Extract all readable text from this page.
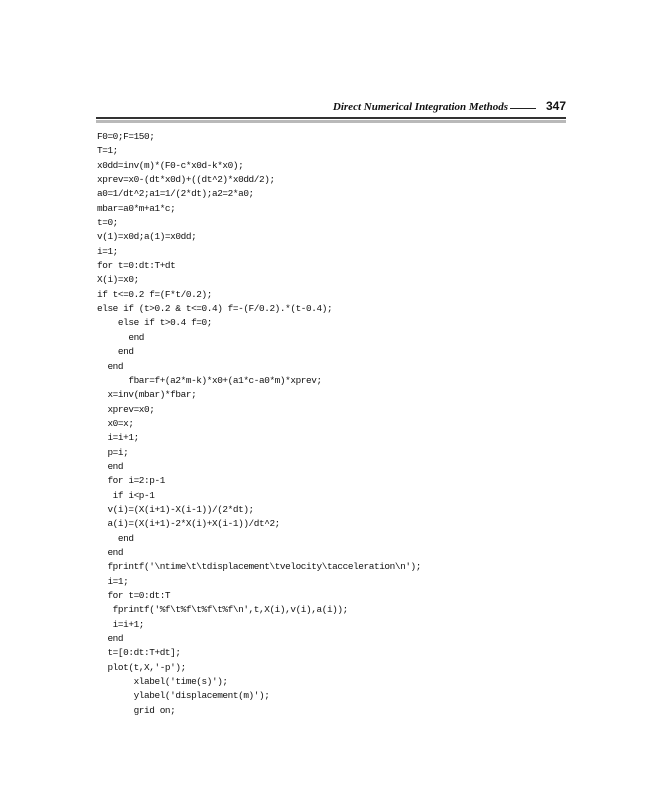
Direct Numerical Integration Methods	347
F0=0;F=150;
T=1;
x0dd=inv(m)*(F0-c*x0d-k*x0);
xprev=x0-(dt*x0d)+((dt^2)*x0dd/2);
a0=1/dt^2;a1=1/(2*dt);a2=2*a0;
mbar=a0*m+a1*c;
t=0;
v(1)=x0d;a(1)=x0dd;
i=1;
for t=0:dt:T+dt
X(i)=x0;
if t<=0.2 f=(F*t/0.2);
else if (t>0.2 & t<=0.4) f=-(F/0.2).*(t-0.4);
else if t>0.4 f=0;
end
end
end
fbar=f+(a2*m-k)*x0+(a1*c-a0*m)*xprev;
x=inv(mbar)*fbar;
xprev=x0;
x0=x;
i=i+1;
p=i;
end
for i=2:p-1
if i<p-1
v(i)=(X(i+1)-X(i-1))/(2*dt);
a(i)=(X(i+1)-2*X(i)+X(i-1))/dt^2;
end
end
fprintf('\ntime\t\tdisplacement\tvelocity\tacceleration\n');
i=1;
for t=0:dt:T
fprintf('%f\t%f\t%f\t%f\n',t,X(i),v(i),a(i));
i=i+1;
end
t=[0:dt:T+dt];
plot(t,X,'-p');
xlabel('time(s)');
ylabel('displacement(m)');
grid on;
